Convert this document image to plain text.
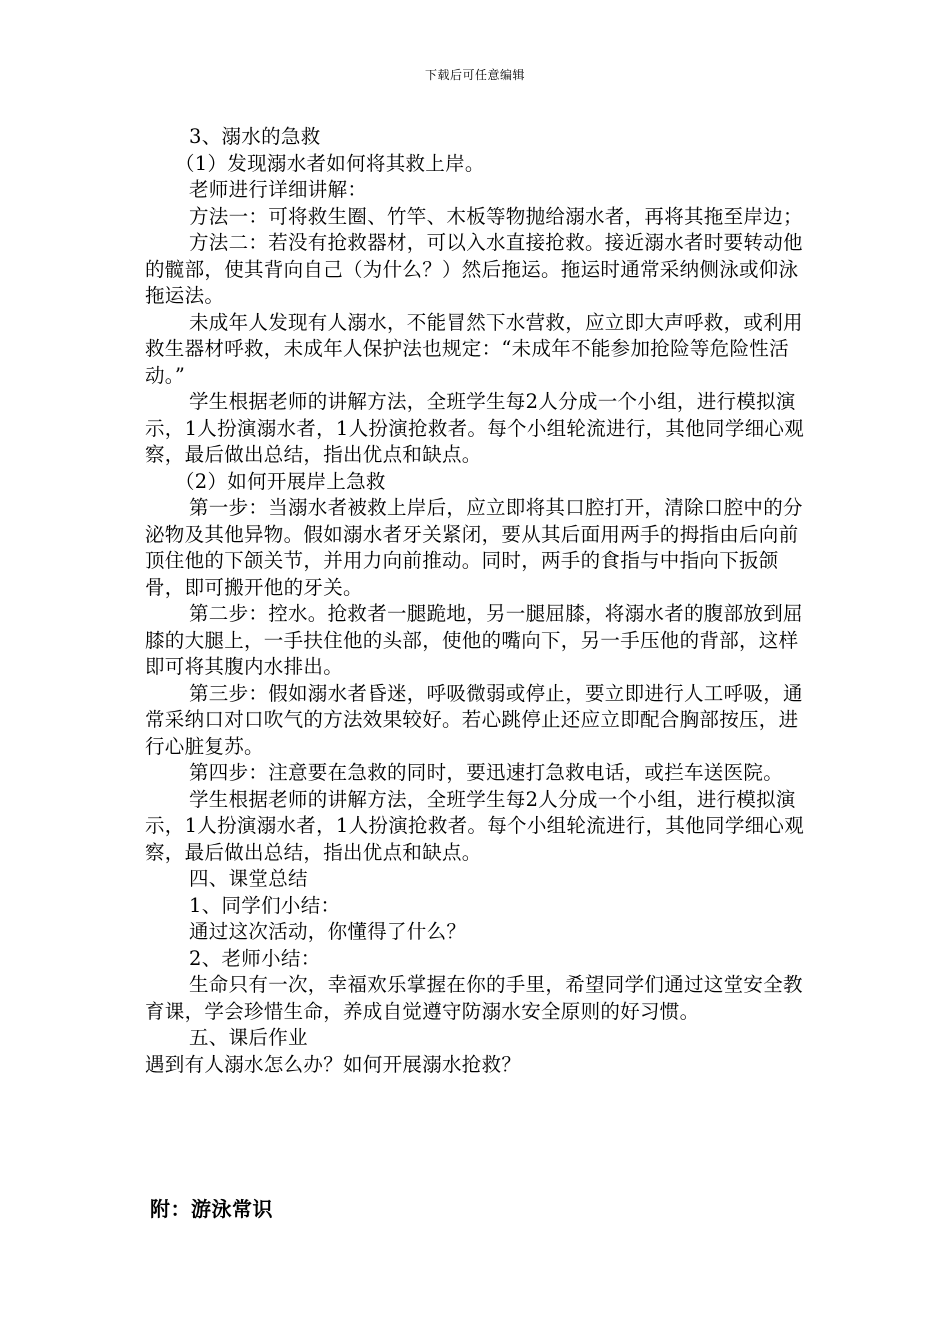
下载后可任意编辑

3、溺水的急救

（1）发现溺水者如何将其救上岸。

老师进行详细讲解：

方法一：可将救生圈、竹竿、木板等物抛给溺水者，再将其拖至岸边；

方法二：若没有抢救器材，可以入水直接抢救。接近溺水者时要转动他的髋部，使其背向自己（为什么？）然后拖运。拖运时通常采纳侧泳或仰泳拖运法。

未成年人发现有人溺水，不能冒然下水营救，应立即大声呼救，或利用救生器材呼救，未成年人保护法也规定：“未成年不能参加抢险等危险性活动。”

学生根据老师的讲解方法，全班学生每2人分成一个小组，进行模拟演示，1人扮演溺水者，1人扮演抢救者。每个小组轮流进行，其他同学细心观察，最后做出总结，指出优点和缺点。

（2）如何开展岸上急救

第一步：当溺水者被救上岸后，应立即将其口腔打开，清除口腔中的分泌物及其他异物。假如溺水者牙关紧闭，要从其后面用两手的拇指由后向前顶住他的下颌关节，并用力向前推动。同时，两手的食指与中指向下扳颌骨，即可搬开他的牙关。

第二步：控水。抢救者一腿跪地，另一腿屈膝，将溺水者的腹部放到屈膝的大腿上，一手扶住他的头部，使他的嘴向下，另一手压他的背部，这样即可将其腹内水排出。

第三步：假如溺水者昏迷，呼吸微弱或停止，要立即进行人工呼吸，通常采纳口对口吹气的方法效果较好。若心跳停止还应立即配合胸部按压，进行心脏复苏。

第四步：注意要在急救的同时，要迅速打急救电话，或拦车送医院。

学生根据老师的讲解方法，全班学生每2人分成一个小组，进行模拟演示，1人扮演溺水者，1人扮演抢救者。每个小组轮流进行，其他同学细心观察，最后做出总结，指出优点和缺点。

四、课堂总结

1、同学们小结：

通过这次活动，你懂得了什么？

2、老师小结：

生命只有一次，幸福欢乐掌握在你的手里，希望同学们通过这堂安全教育课，学会珍惜生命，养成自觉遵守防溺水安全原则的好习惯。

五、课后作业

遇到有人溺水怎么办？如何开展溺水抢救？

附：游泳常识
